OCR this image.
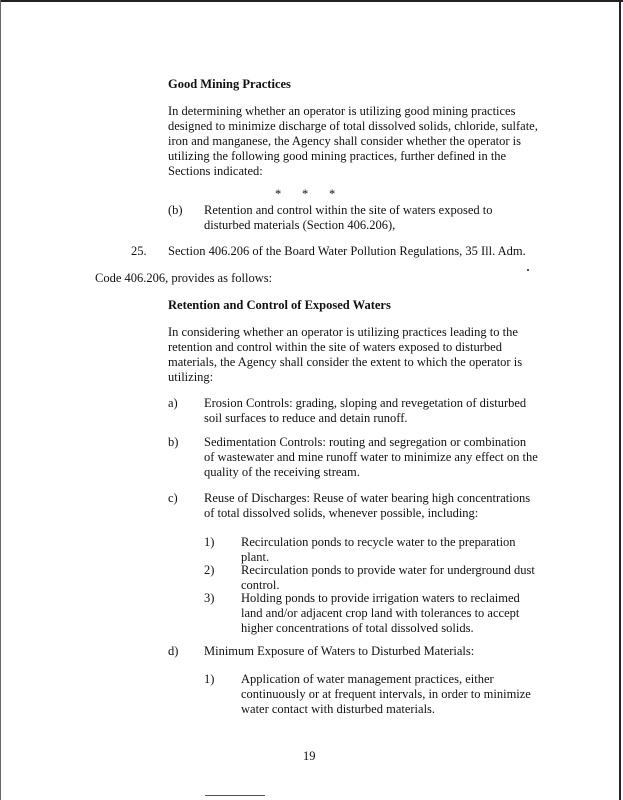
Good Mining Practices
In determining whether an operator is utilizing good mining practices designed to minimize discharge of total dissolved solids, chloride, sulfate, iron and manganese, the Agency shall consider whether the operator is utilizing the following good mining practices, further defined in the Sections indicated:
* * *
(b) Retention and control within the site of waters exposed to disturbed materials (Section 406.206),
25. Section 406.206 of the Board Water Pollution Regulations, 35 Ill. Adm.
Code 406.206, provides as follows:
Retention and Control of Exposed Waters
In considering whether an operator is utilizing practices leading to the retention and control within the site of waters exposed to disturbed materials, the Agency shall consider the extent to which the operator is utilizing:
a) Erosion Controls: grading, sloping and revegetation of disturbed soil surfaces to reduce and detain runoff.
b) Sedimentation Controls: routing and segregation or combination of wastewater and mine runoff water to minimize any effect on the quality of the receiving stream.
c) Reuse of Discharges: Reuse of water bearing high concentrations of total dissolved solids, whenever possible, including:
1) Recirculation ponds to recycle water to the preparation plant.
2) Recirculation ponds to provide water for underground dust control.
3) Holding ponds to provide irrigation waters to reclaimed land and/or adjacent crop land with tolerances to accept higher concentrations of total dissolved solids.
d) Minimum Exposure of Waters to Disturbed Materials:
1) Application of water management practices, either continuously or at frequent intervals, in order to minimize water contact with disturbed materials.
19
